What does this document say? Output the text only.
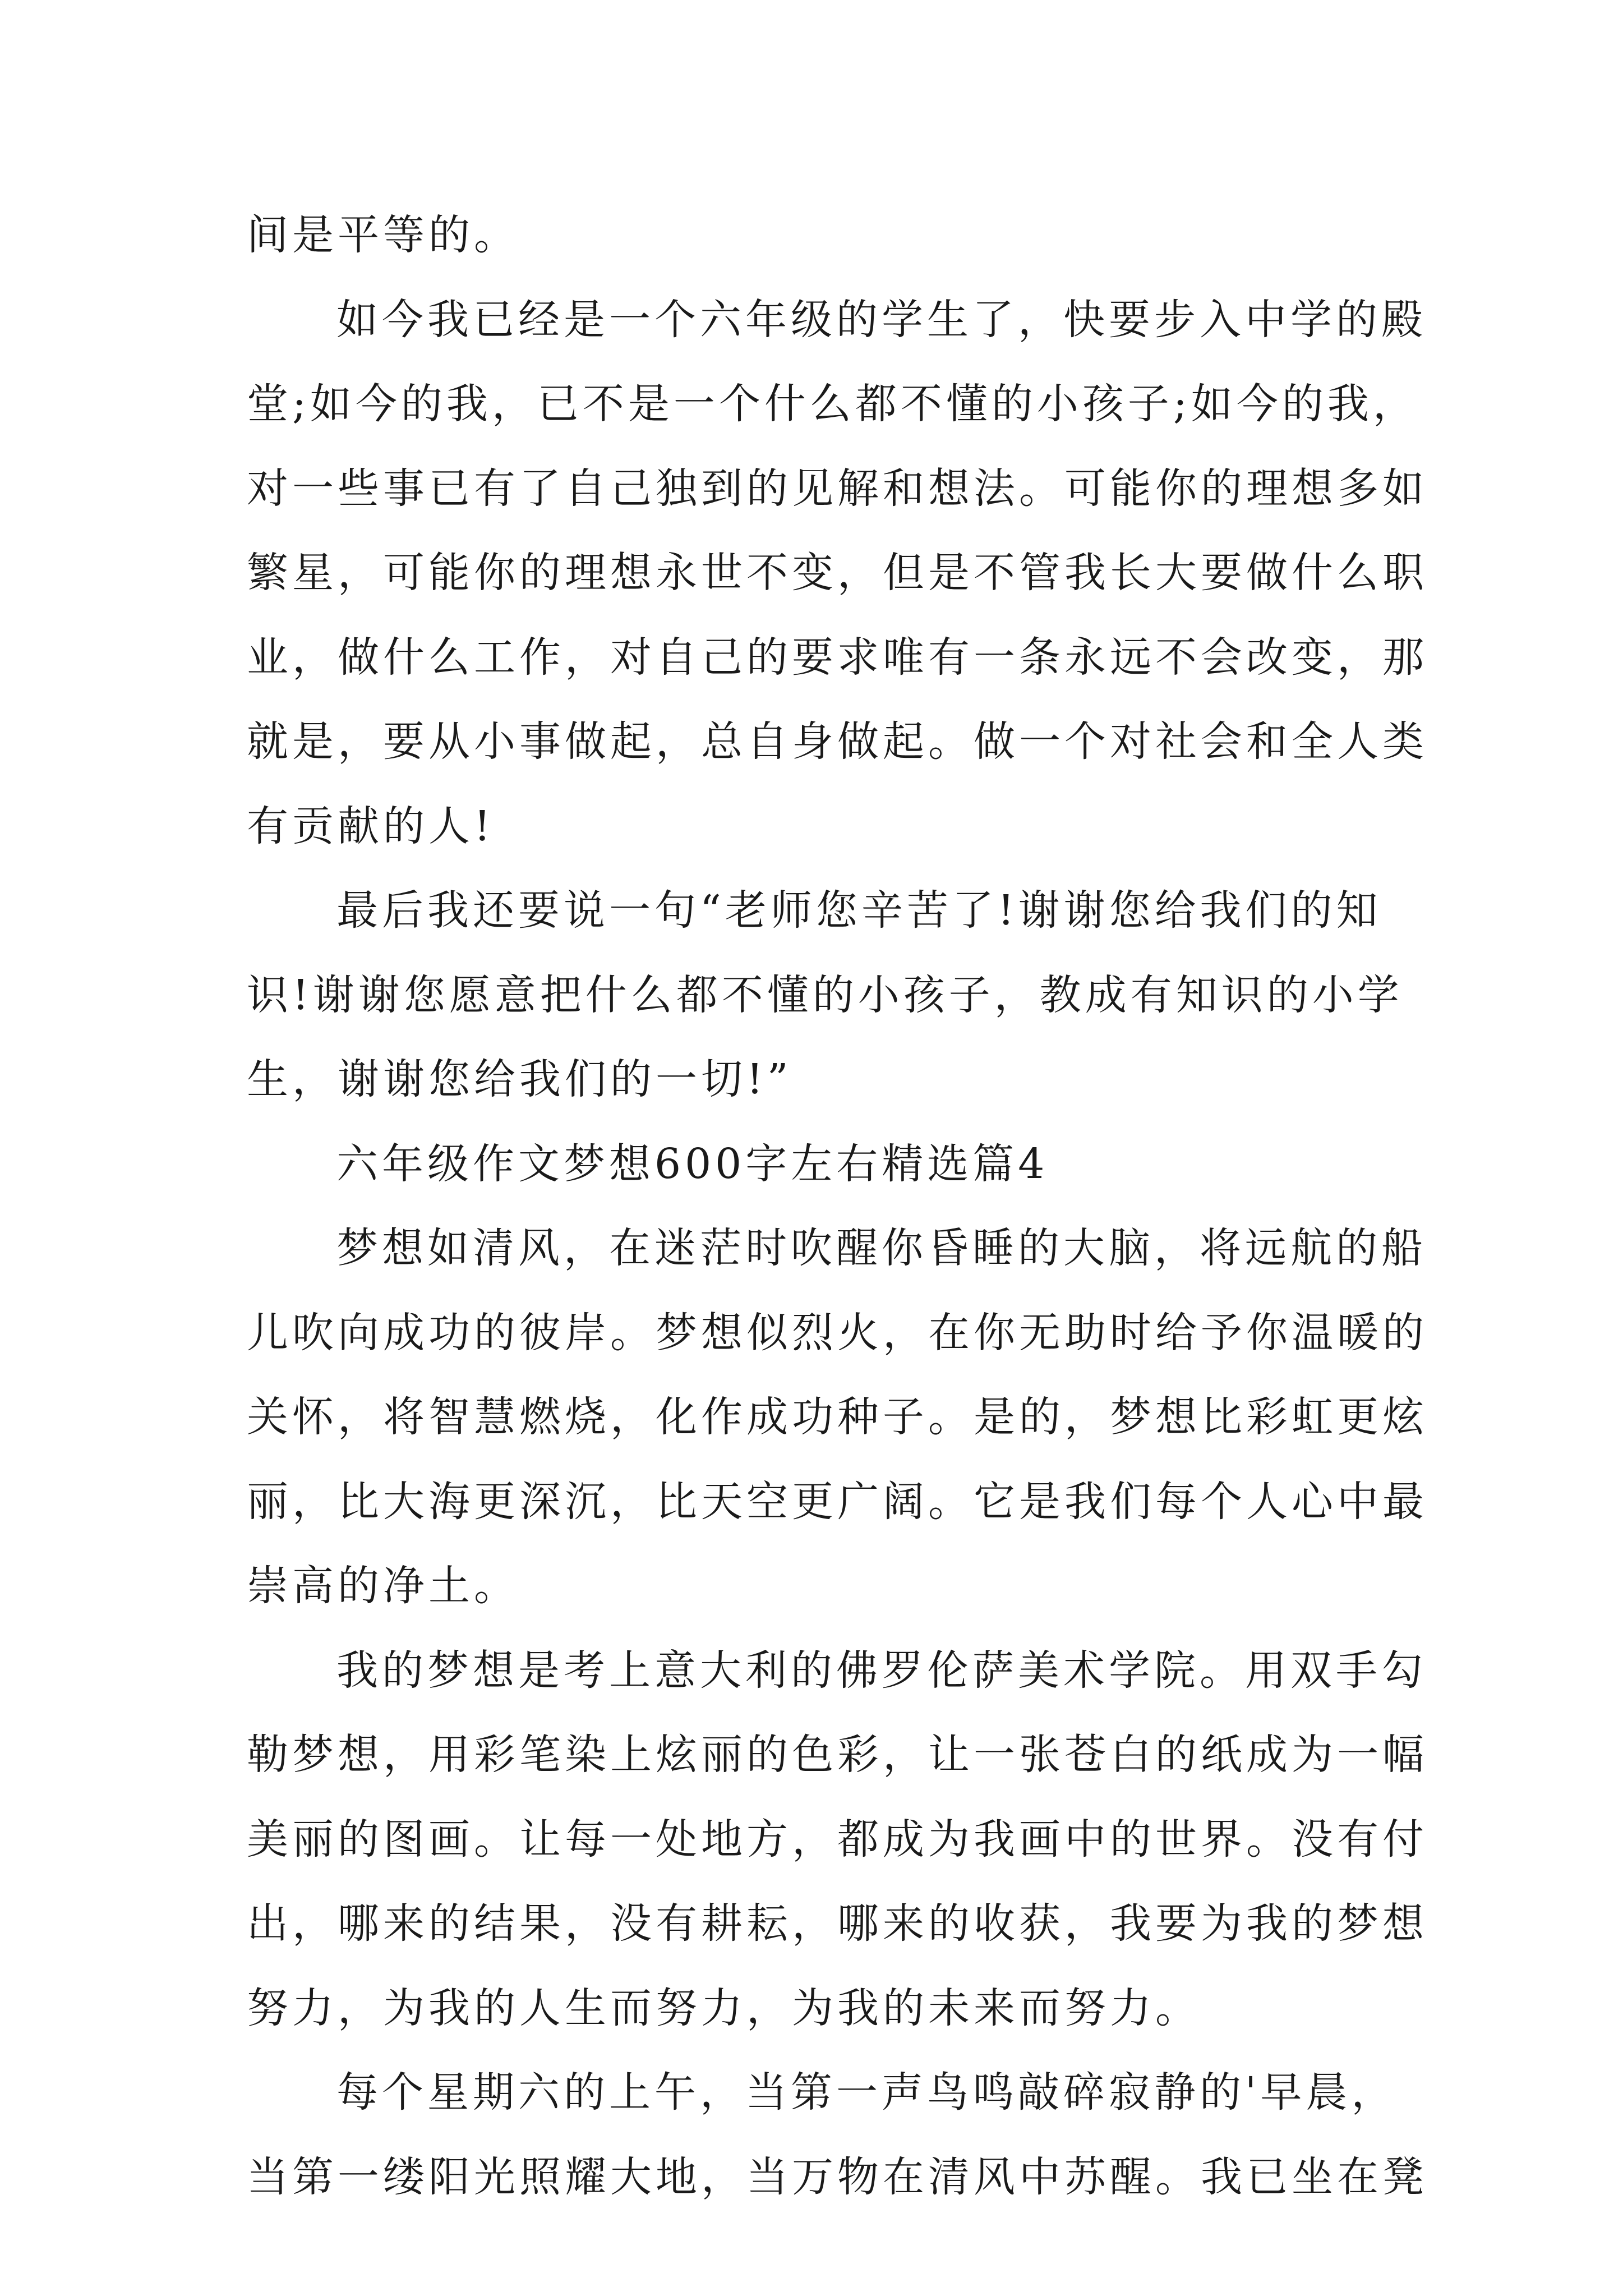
间是平等的。
如今我已经是一个六年级的学生了，快要步入中学的殿
堂;如今的我，已不是一个什么都不懂的小孩子;如今的我，
对一些事已有了自己独到的见解和想法。可能你的理想多如
繁星，可能你的理想永世不变，但是不管我长大要做什么职
业，做什么工作，对自己的要求唯有一条永远不会改变，那
就是，要从小事做起，总自身做起。做一个对社会和全人类
有贡献的人!
最后我还要说一句“老师您辛苦了!谢谢您给我们的知
识!谢谢您愿意把什么都不懂的小孩子，教成有知识的小学
生，谢谢您给我们的一切!”
六年级作文梦想600字左右精选篇4
梦想如清风，在迷茫时吹醒你昏睡的大脑，将远航的船
儿吹向成功的彼岸。梦想似烈火，在你无助时给予你温暖的
关怀，将智慧燃烧，化作成功种子。是的，梦想比彩虹更炫
丽，比大海更深沉，比天空更广阔。它是我们每个人心中最
崇高的净土。
我的梦想是考上意大利的佛罗伦萨美术学院。用双手勾
勒梦想，用彩笔染上炫丽的色彩，让一张苍白的纸成为一幅
美丽的图画。让每一处地方，都成为我画中的世界。没有付
出，哪来的结果，没有耕耘，哪来的收获，我要为我的梦想
努力，为我的人生而努力，为我的未来而努力。
每个星期六的上午，当第一声鸟鸣敲碎寂静的'早晨，
当第一缕阳光照耀大地，当万物在清风中苏醒。我已坐在凳
